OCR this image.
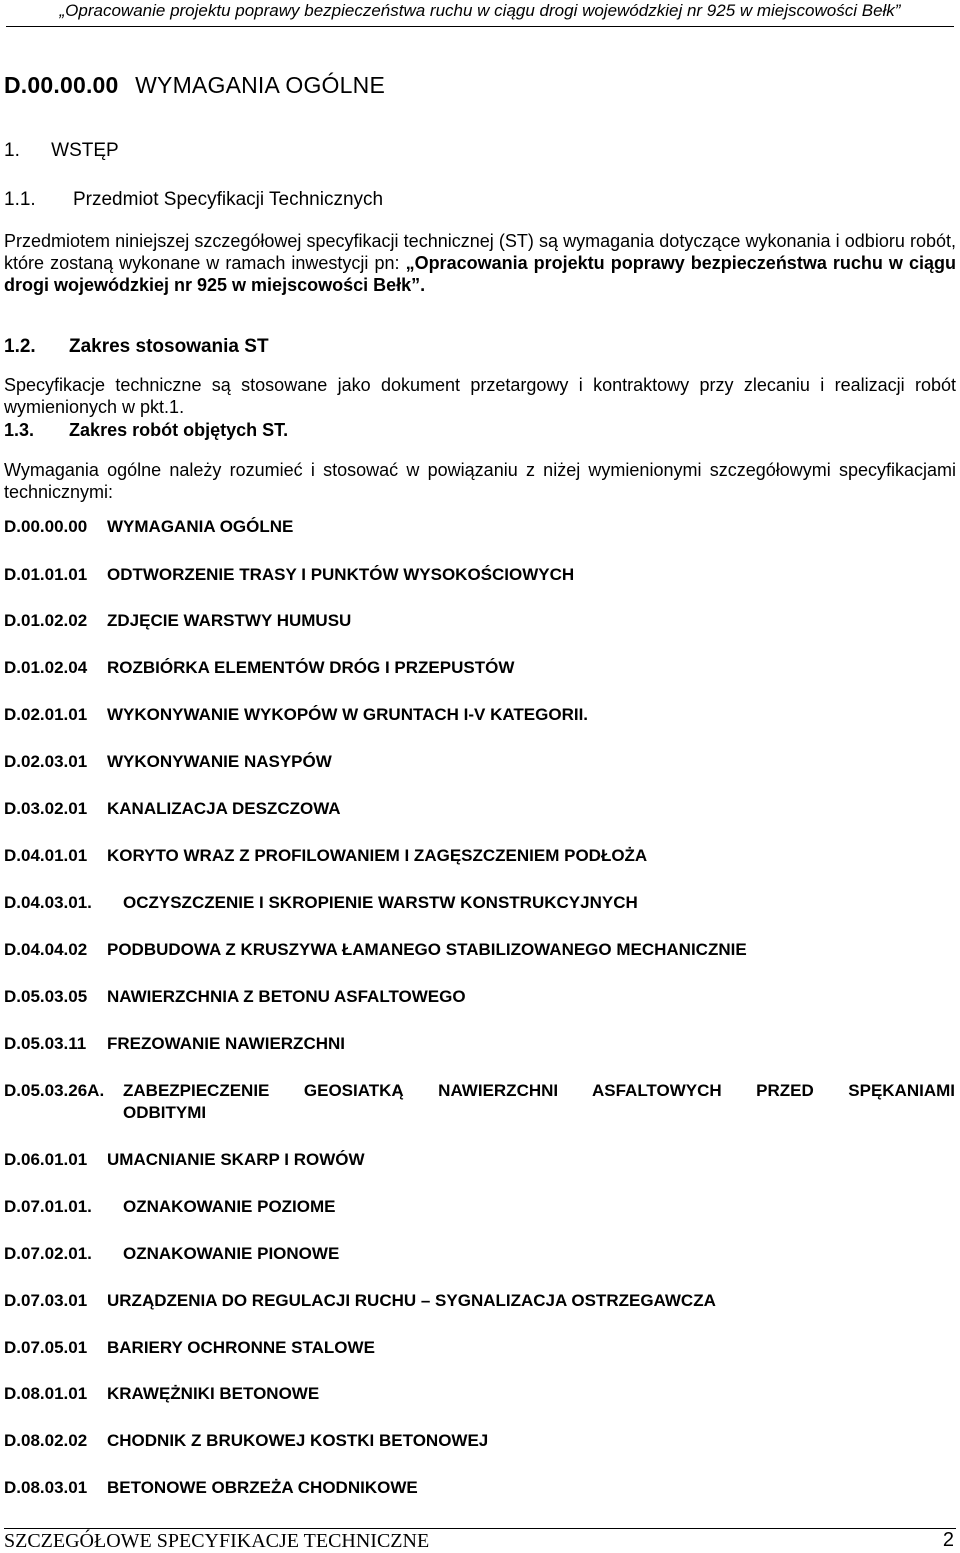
„Opracowanie projektu poprawy bezpieczeństwa ruchu w ciągu drogi wojewódzkiej nr 925 w miejscowości Bełk”
D.00.00.00 WYMAGANIA OGÓLNE
1. WSTĘP
1.1. Przedmiot Specyfikacji Technicznych
Przedmiotem niniejszej szczegółowej specyfikacji technicznej (ST) są wymagania dotyczące wykonania i odbioru robót, które zostaną wykonane w ramach inwestycji pn: „Opracowania projektu poprawy bezpieczeństwa ruchu w ciągu drogi wojewódzkiej nr 925 w miejscowości Bełk”.
1.2. Zakres stosowania ST
Specyfikacje techniczne są stosowane jako dokument przetargowy i kontraktowy przy zlecaniu i realizacji robót wymienionych w pkt.1.
1.3. Zakres robót objętych ST.
Wymagania ogólne należy rozumieć i stosować w powiązaniu z niżej wymienionymi szczegółowymi specyfikacjami technicznymi:
D.00.00.00 WYMAGANIA OGÓLNE
D.01.01.01 ODTWORZENIE TRASY I PUNKTÓW WYSOKOŚCIOWYCH
D.01.02.02 ZDJĘCIE WARSTWY HUMUSU
D.01.02.04 ROZBIÓRKA ELEMENTÓW DRÓG I PRZEPUSTÓW
D.02.01.01 WYKONYWANIE WYKOPÓW W GRUNTACH I-V KATEGORII.
D.02.03.01 WYKONYWANIE NASYPÓW
D.03.02.01 KANALIZACJA DESZCZOWA
D.04.01.01 KORYTO WRAZ Z PROFILOWANIEM I ZAGĘSZCZENIEM PODŁOŻA
D.04.03.01. OCZYSZCZENIE I SKROPIENIE WARSTW KONSTRUKCYJNYCH
D.04.04.02 PODBUDOWA Z KRUSZYWA ŁAMANEGO STABILIZOWANEGO MECHANICZNIE
D.05.03.05 NAWIERZCHNIA Z BETONU ASFALTOWEGO
D.05.03.11 FREZOWANIE NAWIERZCHNI
D.05.03.26A. ZABEZPIECZENIE GEOSIATKĄ NAWIERZCHNI ASFALTOWYCH PRZED SPĘKANIAMI
ODBITYMI
D.06.01.01 UMACNIANIE SKARP I ROWÓW
D.07.01.01. OZNAKOWANIE POZIOME
D.07.02.01. OZNAKOWANIE PIONOWE
D.07.03.01 URZĄDZENIA DO REGULACJI RUCHU – SYGNALIZACJA OSTRZEGAWCZA
D.07.05.01 BARIERY OCHRONNE STALOWE
D.08.01.01 KRAWĘŻNIKI BETONOWE
D.08.02.02 CHODNIK Z BRUKOWEJ KOSTKI BETONOWEJ
D.08.03.01 BETONOWE OBRZEŻA CHODNIKOWE
SZCZEGÓŁOWE SPECYFIKACJE TECHNICZNE	2
